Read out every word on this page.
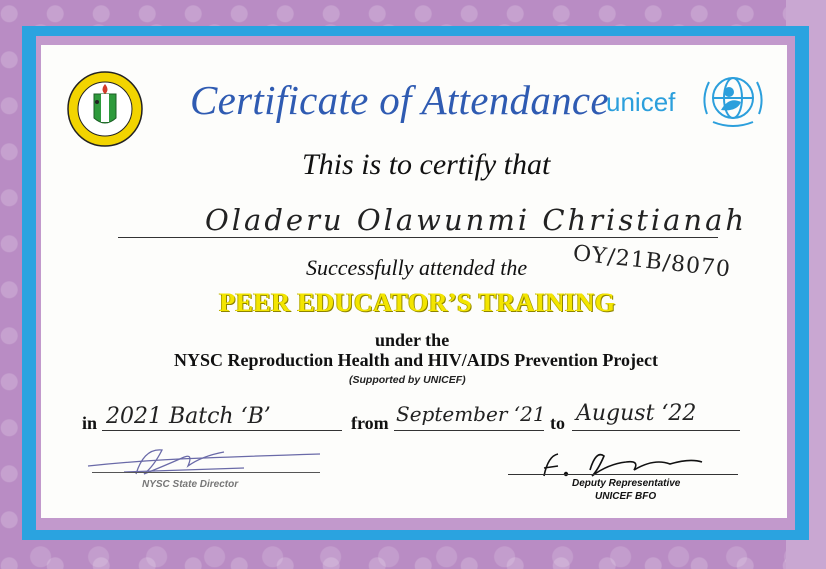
Certificate of Attendance
unicef
This is to certify that
Oladeru Olawunmi Christianah
Successfully attended the OY/21B/8070
PEER EDUCATOR’S TRAINING
under the
NYSC Reproduction Health and HIV/AIDS Prevention Project
(Supported by UNICEF)
in 2021 Batch ‘B’	from September ‘21 to August ‘22
NYSC State Director	Deputy Representative
UNICEF BFO
